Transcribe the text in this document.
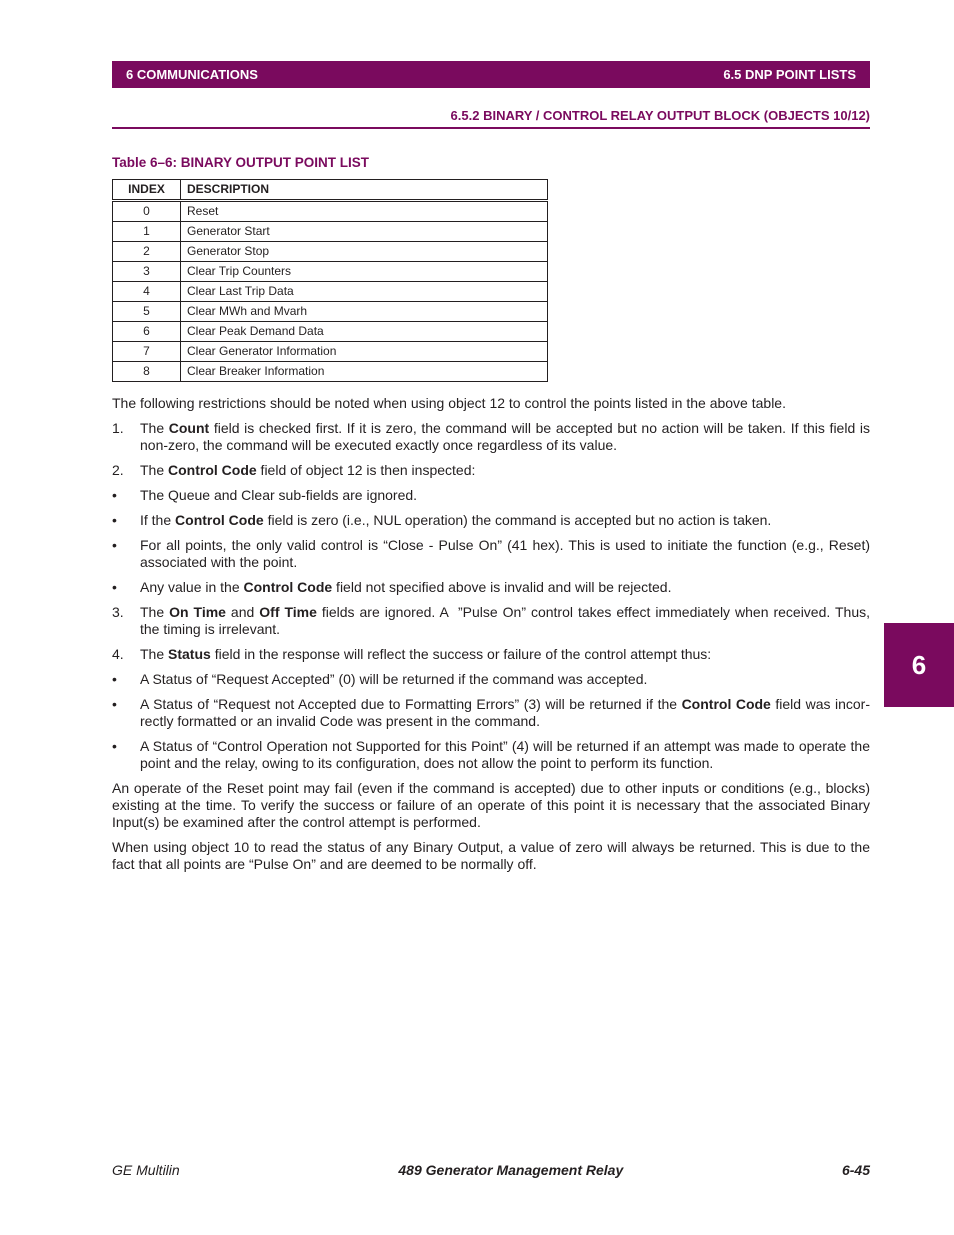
6 COMMUNICATIONS	6.5 DNP POINT LISTS
6.5.2 BINARY / CONTROL RELAY OUTPUT BLOCK (OBJECTS 10/12)
Table 6–6: BINARY OUTPUT POINT LIST
INDEX	DESCRIPTION
0	Reset
1	Generator Start
2	Generator Stop
3	Clear Trip Counters
4	Clear Last Trip Data
5	Clear MWh and Mvarh
6	Clear Peak Demand Data
7	Clear Generator Information
8	Clear Breaker Information

The following restrictions should be noted when using object 12 to control the points listed in the above table.

1.	The Count field is checked first. If it is zero, the command will be accepted but no action will be taken. If this field is non-zero, the command will be executed exactly once regardless of its value.
2.	The Control Code field of object 12 is then inspected:
•	The Queue and Clear sub-fields are ignored.
•	If the Control Code field is zero (i.e., NUL operation) the command is accepted but no action is taken.
•	For all points, the only valid control is “Close - Pulse On” (41 hex). This is used to initiate the function (e.g., Reset) associated with the point.
•	Any value in the Control Code field not specified above is invalid and will be rejected.
3.	The On Time and Off Time fields are ignored. A  ”Pulse On” control takes effect immediately when received. Thus, the timing is irrelevant.
4.	The Status field in the response will reflect the success or failure of the control attempt thus:
•	A Status of “Request Accepted” (0) will be returned if the command was accepted.
•	A Status of “Request not Accepted due to Formatting Errors” (3) will be returned if the Control Code field was incor-rectly formatted or an invalid Code was present in the command.
•	A Status of “Control Operation not Supported for this Point” (4) will be returned if an attempt was made to operate the point and the relay, owing to its configuration, does not allow the point to perform its function.

An operate of the Reset point may fail (even if the command is accepted) due to other inputs or conditions (e.g., blocks) existing at the time. To verify the success or failure of an operate of this point it is necessary that the associated Binary Input(s) be examined after the control attempt is performed.

When using object 10 to read the status of any Binary Output, a value of zero will always be returned. This is due to the fact that all points are “Pulse On” and are deemed to be normally off.

6
GE Multilin	489 Generator Management Relay	6-45
